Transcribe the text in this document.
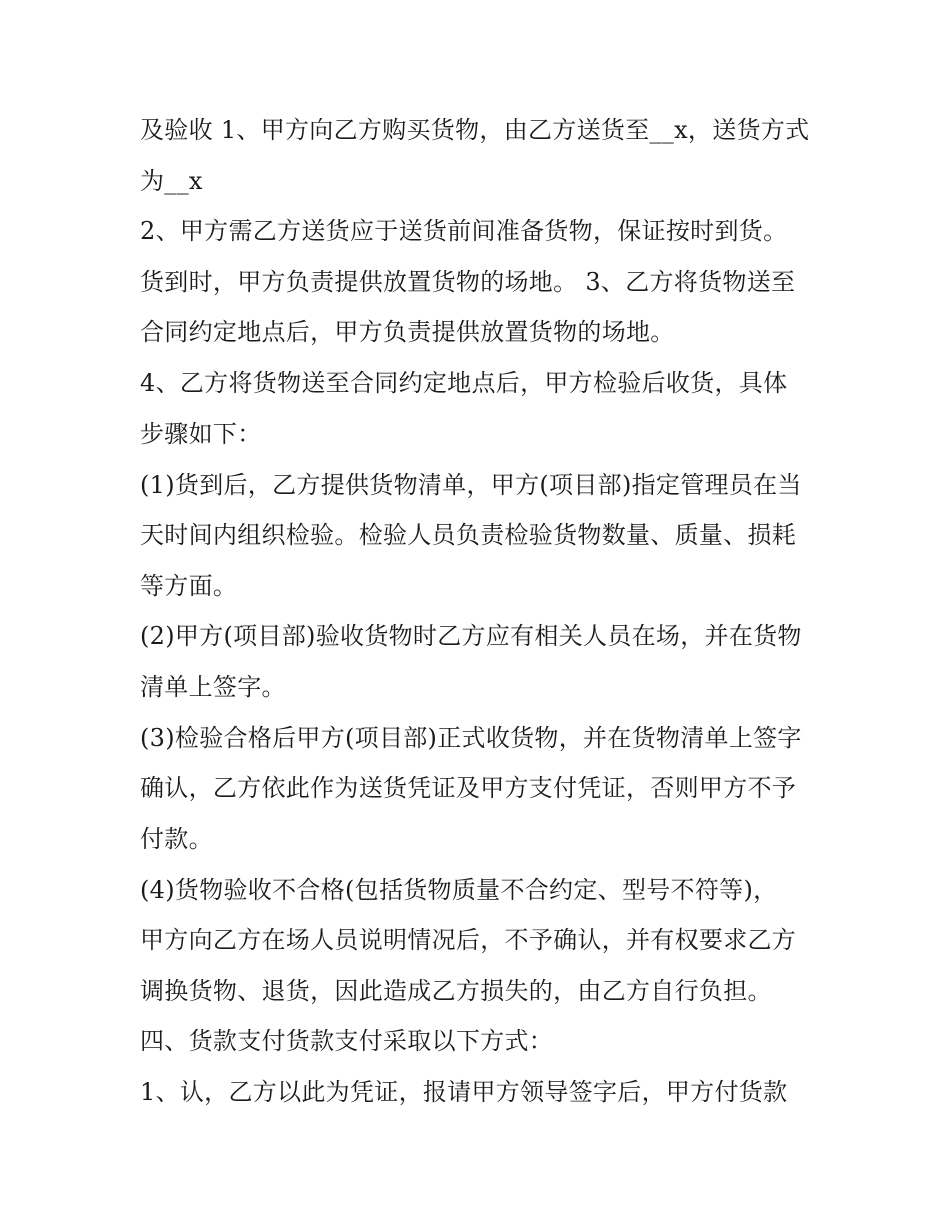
及验收 1、甲方向乙方购买货物，由乙方送货至__x，送货方式
为__x
2、甲方需乙方送货应于送货前间准备货物，保证按时到货。
货到时，甲方负责提供放置货物的场地。 3、乙方将货物送至
合同约定地点后，甲方负责提供放置货物的场地。
4、乙方将货物送至合同约定地点后，甲方检验后收货，具体
步骤如下：
(1)货到后，乙方提供货物清单，甲方(项目部)指定管理员在当
天时间内组织检验。检验人员负责检验货物数量、质量、损耗
等方面。
(2)甲方(项目部)验收货物时乙方应有相关人员在场，并在货物
清单上签字。
(3)检验合格后甲方(项目部)正式收货物，并在货物清单上签字
确认，乙方依此作为送货凭证及甲方支付凭证，否则甲方不予
付款。
(4)货物验收不合格(包括货物质量不合约定、型号不符等)，
甲方向乙方在场人员说明情况后，不予确认，并有权要求乙方
调换货物、退货，因此造成乙方损失的，由乙方自行负担。
四、货款支付货款支付采取以下方式：
1、认，乙方以此为凭证，报请甲方领导签字后，甲方付货款
